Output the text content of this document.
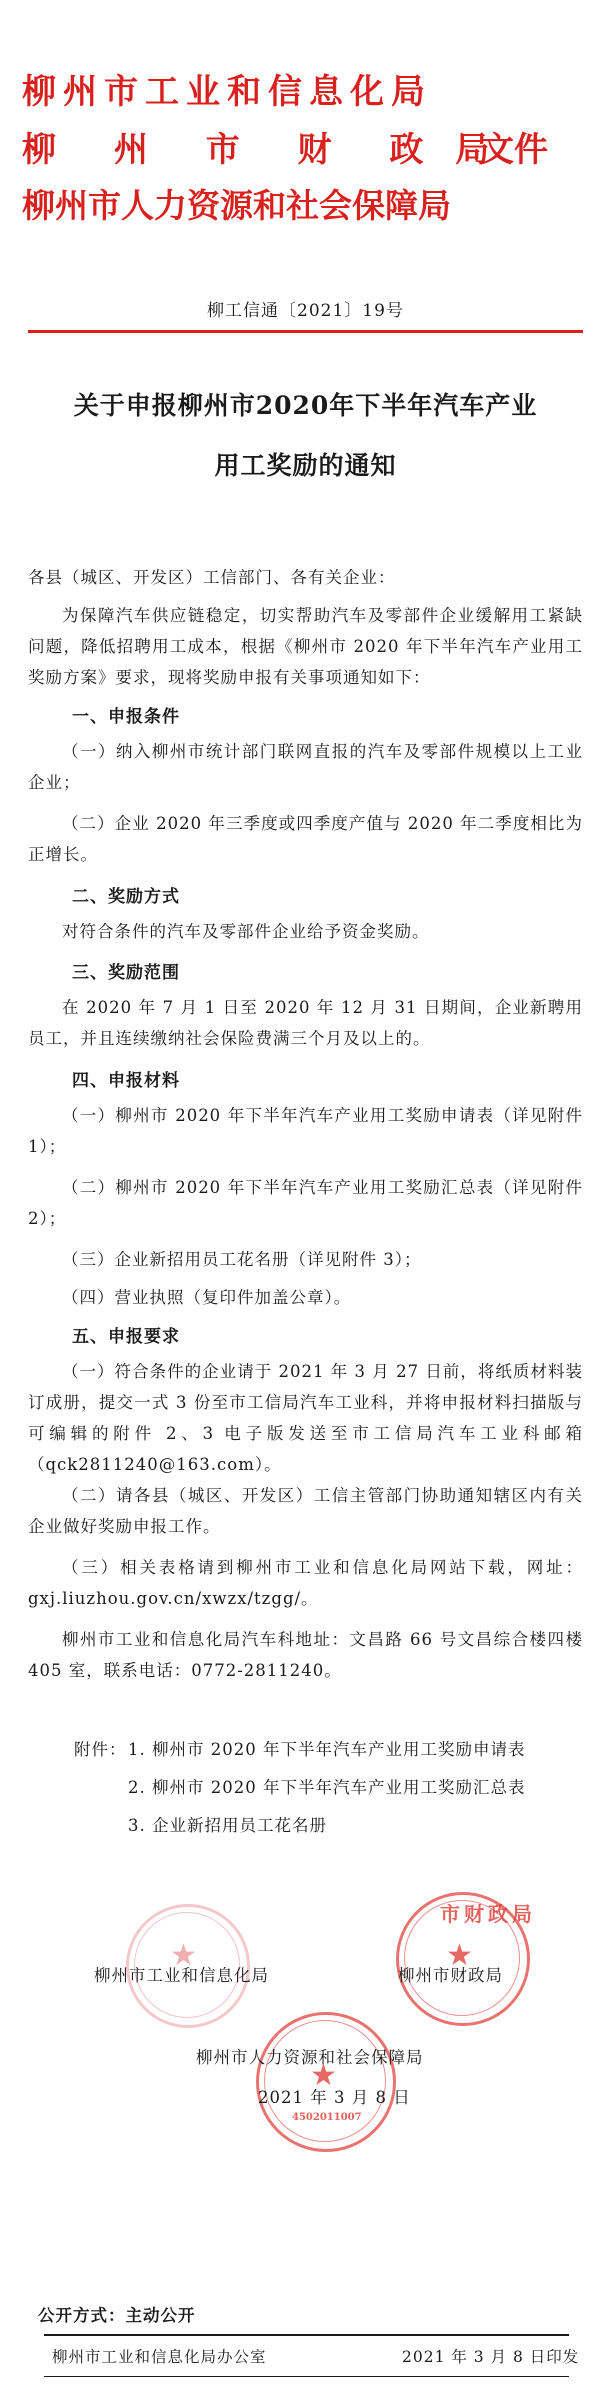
柳州市工业和信息化局
柳 州 市 财 政 局
文件
柳州市人力资源和社会保障局
柳工信通〔2021〕19号
关于申报柳州市2020年下半年汽车产业
用工奖励的通知
各县（城区、开发区）工信部门、各有关企业：
为保障汽车供应链稳定，切实帮助汽车及零部件企业缓解用工紧缺问题，降低招聘用工成本，根据《柳州市 2020 年下半年汽车产业用工奖励方案》要求，现将奖励申报有关事项通知如下：
一、申报条件
（一）纳入柳州市统计部门联网直报的汽车及零部件规模以上工业企业；
（二）企业 2020 年三季度或四季度产值与 2020 年二季度相比为正增长。
二、奖励方式
对符合条件的汽车及零部件企业给予资金奖励。
三、奖励范围
在 2020 年 7 月 1 日至 2020 年 12 月 31 日期间，企业新聘用员工，并且连续缴纳社会保险费满三个月及以上的。
四、申报材料
（一）柳州市 2020 年下半年汽车产业用工奖励申请表（详见附件 1）；
（二）柳州市 2020 年下半年汽车产业用工奖励汇总表（详见附件 2）；
（三）企业新招用员工花名册（详见附件 3）；
（四）营业执照（复印件加盖公章）。
五、申报要求
（一）符合条件的企业请于 2021 年 3 月 27 日前，将纸质材料装订成册，提交一式 3 份至市工信局汽车工业科，并将申报材料扫描版与可编辑的附件 2、3 电子版发送至市工信局汽车工业科邮箱（qck2811240@163.com）。
（二）请各县（城区、开发区）工信主管部门协助通知辖区内有关企业做好奖励申报工作。
（三）相关表格请到柳州市工业和信息化局网站下载，网址：gxj.liuzhou.gov.cn/xwzx/tzgg/。
柳州市工业和信息化局汽车科地址：文昌路 66 号文昌综合楼四楼 405 室，联系电话：0772-2811240。
附件： 1. 柳州市 2020 年下半年汽车产业用工奖励申请表
2. 柳州市 2020 年下半年汽车产业用工奖励汇总表
3. 企业新招用员工花名册
★
市财政局
★
★
4502011007
柳州市工业和信息化局	柳州市财政局
柳州市人力资源和社会保障局
2021 年 3 月 8 日
公开方式：主动公开
柳州市工业和信息化局办公室	2021 年 3 月 8 日印发
